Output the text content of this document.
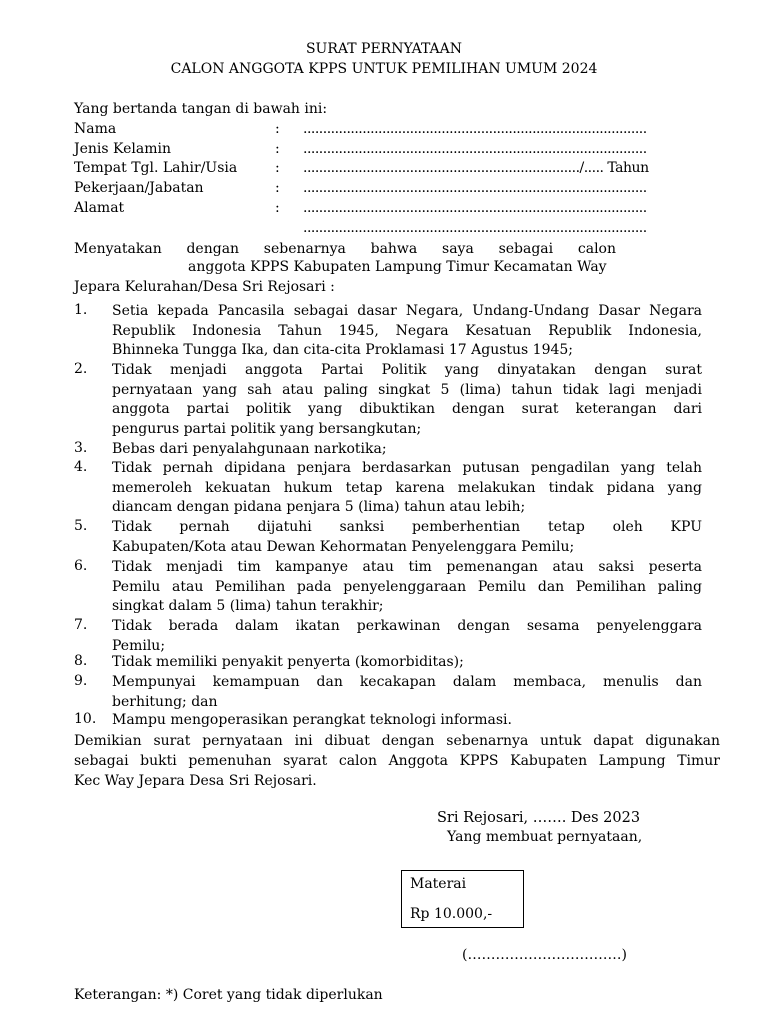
SURAT PERNYATAAN
CALON ANGGOTA KPPS UNTUK PEMILIHAN UMUM 2024
Yang bertanda tangan di bawah ini:
Nama	: .......................................................................................
Jenis Kelamin	: .......................................................................................
Tempat Tgl. Lahir/Usia	: ....................................................................../..... Tahun
Pekerjaan/Jabatan	: .......................................................................................
Alamat	: .......................................................................................
.......................................................................................
Menyatakan dengan sebenarnya bahwa saya sebagai calon
anggota KPPS Kabupaten Lampung Timur Kecamatan Way
Jepara Kelurahan/Desa Sri Rejosari :
1. Setia kepada Pancasila sebagai dasar Negara, Undang-Undang Dasar Negara
Republik Indonesia Tahun 1945, Negara Kesatuan Republik Indonesia,
Bhinneka Tunggа Ika, dan cita-cita Proklamasi 17 Agustus 1945;
2. Tidak menjadi anggota Partai Politik yang dinyatakan dengan surat
pernyataan yang sah atau paling singkat 5 (lima) tahun tidak lagi menjadi
anggota partai politik yang dibuktikan dengan surat keterangan dari
pengurus partai politik yang bersangkutan;
3. Bebas dari penyalahgunaan narkotika;
4. Tidak pernah dipidana penjara berdasarkan putusan pengadilan yang telah
memeroleh kekuatan hukum tetap karena melakukan tindak pidana yang
diancam dengan pidana penjara 5 (lima) tahun atau lebih;
5. Tidak pernah dijatuhi sanksi pemberhentian tetap oleh KPU
Kabupaten/Kota atau Dewan Kehormatan Penyelenggara Pemilu;
6. Tidak menjadi tim kampanye atau tim pemenangan atau saksi peserta
Pemilu atau Pemilihan pada penyelenggaraan Pemilu dan Pemilihan paling
singkat dalam 5 (lima) tahun terakhir;
7. Tidak berada dalam ikatan perkawinan dengan sesama penyelenggara
Pemilu;
8. Tidak memiliki penyakit penyerta (komorbiditas);
9. Mempunyai kemampuan dan kecakapan dalam membaca, menulis dan
berhitung; dan
10. Mampu mengoperasikan perangkat teknologi informasi.
Demikian surat pernyataan ini dibuat dengan sebenarnya untuk dapat digunakan
sebagai bukti pemenuhan syarat calon Anggota KPPS Kabupaten Lampung Timur
Kec Way Jepara Desa Sri Rejosari.
Sri Rejosari, ……. Des 2023
Yang membuat pernyataan,
Materai
Rp 10.000,-
(……………………………)
Keterangan: *) Coret yang tidak diperlukan
